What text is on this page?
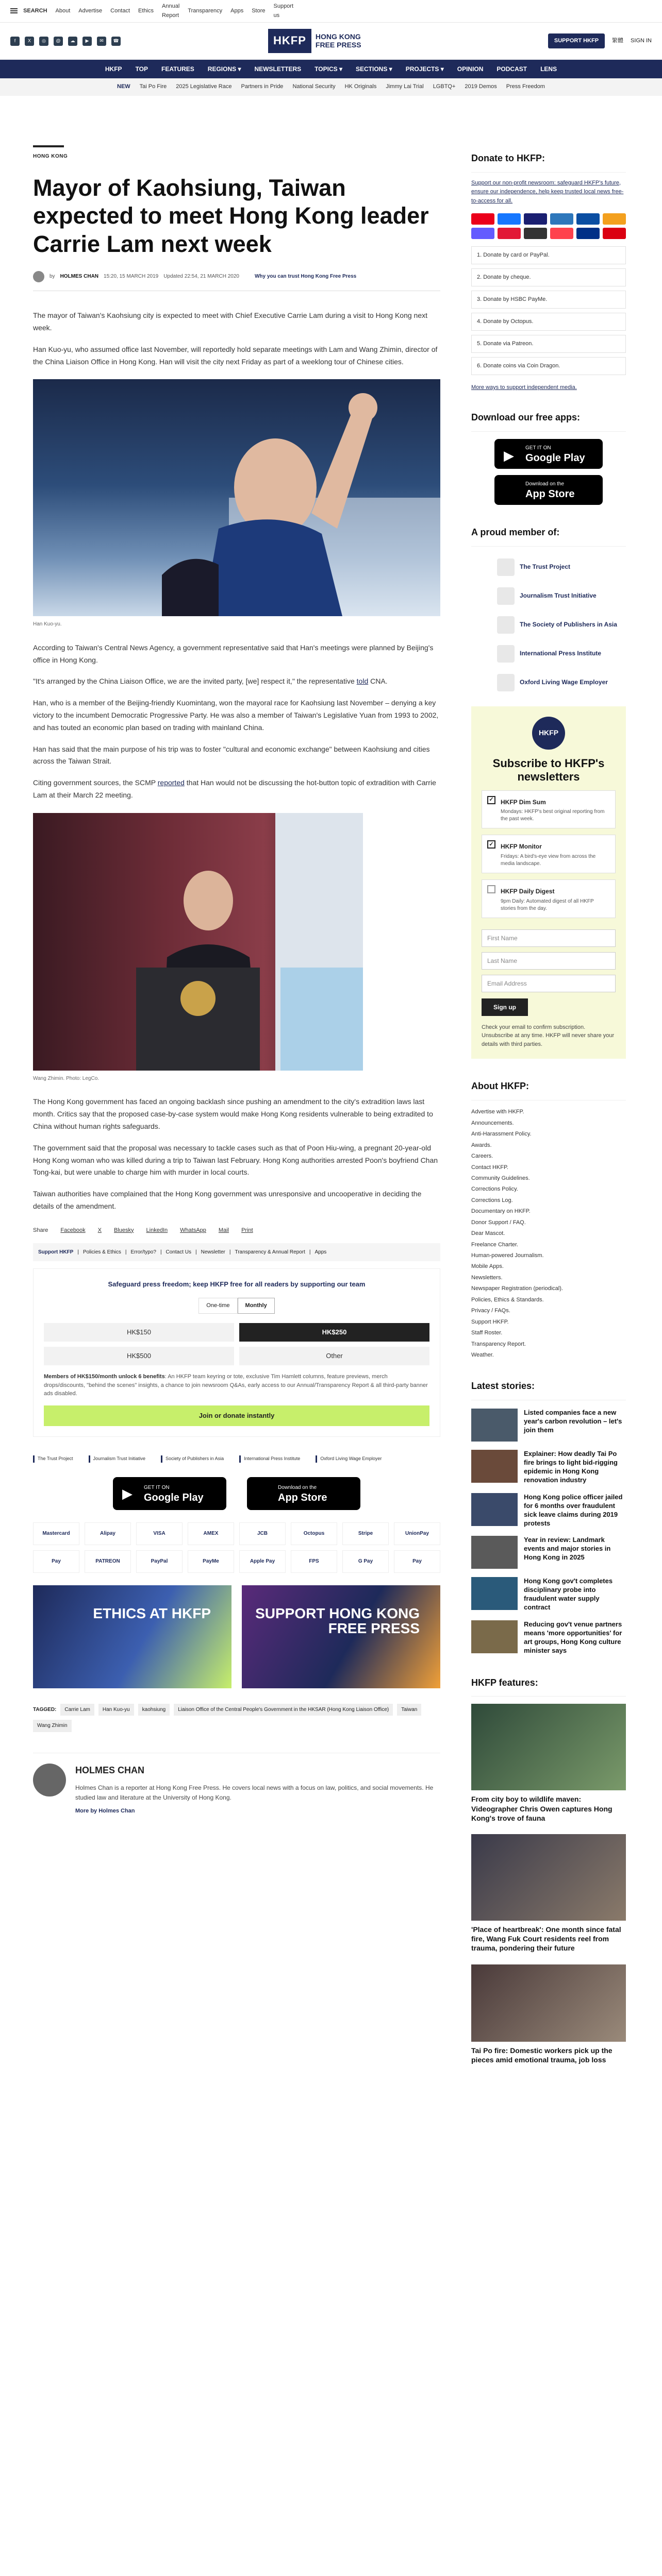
SEARCH About Advertise Contact Ethics
Annual Report
Transparency Apps Store
Support us
f	X	◎	@	☁	▶	✉	☎	HKFP	HONG KONG
FREE PRESS	SUPPORT HKFP	繁體 SIGN IN
HKFP TOP FEATURES REGIONS ▾ NEWSLETTERS TOPICS ▾ SECTIONS ▾ PROJECTS ▾ OPINION PODCAST LENS
NEW Tai Po Fire 2025 Legislative Race Partners in Pride National Security HK Originals Jimmy Lai Trial LGBTQ+ 2019 Demos Press Freedom
HONG KONG
Mayor of Kaohsiung, Taiwan expected to meet Hong Kong leader Carrie Lam next week
by HOLMES CHAN 15:20, 15 MARCH 2019 Updated 22:54, 21 MARCH 2020	Why you can trust Hong Kong Free Press

The mayor of Taiwan's Kaohsiung city is expected to meet with Chief Executive Carrie Lam during a visit to Hong Kong next week.

Han Kuo-yu, who assumed office last November, will reportedly hold separate meetings with Lam and Wang Zhimin, director of the China Liaison Office in Hong Kong. Han will visit the city next Friday as part of a weeklong tour of Chinese cities.

Han Kuo-yu.

According to Taiwan's Central News Agency, a government representative said that Han's meetings were planned by Beijing's office in Hong Kong.

"It's arranged by the China Liaison Office, we are the invited party, [we] respect it," the representative told CNA.

Han, who is a member of the Beijing-friendly Kuomintang, won the mayoral race for Kaohsiung last November – denying a key victory to the incumbent Democratic Progressive Party. He was also a member of Taiwan's Legislative Yuan from 1993 to 2002, and has touted an economic plan based on trading with mainland China.

Han has said that the main purpose of his trip was to foster "cultural and economic exchange" between Kaohsiung and cities across the Taiwan Strait.

Citing government sources, the SCMP reported that Han would not be discussing the hot-button topic of extradition with Carrie Lam at their March 22 meeting.

Wang Zhimin. Photo: LegCo.

The Hong Kong government has faced an ongoing backlash since pushing an amendment to the city's extradition laws last month. Critics say that the proposed case-by-case system would make Hong Kong residents vulnerable to being extradited to China without human rights safeguards.

The government said that the proposal was necessary to tackle cases such as that of Poon Hiu-wing, a pregnant 20-year-old Hong Kong woman who was killed during a trip to Taiwan last February. Hong Kong authorities arrested Poon's boyfriend Chan Tong-kai, but were unable to charge him with murder in local courts.

Taiwan authorities have complained that the Hong Kong government was unresponsive and uncooperative in deciding the details of the amendment.

Share Facebook X Bluesky LinkedIn WhatsApp Mail Print
Support HKFP | Policies & Ethics | Error/typo? | Contact Us | Newsletter | Transparency & Annual Report | Apps
Safeguard press freedom; keep HKFP free for all readers by supporting our team
One-time	Monthly
HK$150	HK$250
HK$500	Other
Members of HK$150/month unlock 6 benefits: An HKFP team keyring or tote, exclusive Tim Hamlett columns, feature previews, merch drops/discounts, "behind the scenes" insights, a chance to join newsroom Q&As, early access to our Annual/Transparency Report & all third-party banner ads disabled.
Join or donate instantly
The Trust Project	Journalism Trust Initiative	Society of Publishers in Asia	International Press Institute	Oxford Living Wage Employer
▶	GET IT ON
Google Play
Download on the
App Store
Mastercard	Alipay	VISA	AMEX	JCB	Octopus	Stripe	UnionPay
Pay	PATREON	PayPal	PayMe	Apple Pay	FPS	G Pay	Pay
ETHICS AT HKFP	SUPPORT HONG KONG FREE PRESS
TAGGED:	Carrie Lam	Han Kuo-yu	kaohsiung	Liaison Office of the Central People's Government in the HKSAR (Hong Kong Liaison Office)	Taiwan
Wang Zhimin
HOLMES CHAN
Holmes Chan is a reporter at Hong Kong Free Press. He covers local news with a focus on law, politics, and social movements. He studied law and literature at the University of Hong Kong.
More by Holmes Chan
Donate to HKFP:

Support our non-profit newsroom: safeguard HKFP's future, ensure our independence, help keep trusted local news free-to-access for all.

1. Donate by card or PayPal.
2. Donate by cheque.
3. Donate by HSBC PayMe.
4. Donate by Octopus.
5. Donate via Patreon.
6. Donate coins via Coin Dragon.

More ways to support independent media.

Download our free apps:
▶	GET IT ON
Google Play
Download on the
App Store
A proud member of:
The Trust Project
Journalism Trust Initiative
The Society of Publishers in Asia
International Press Institute
Oxford Living Wage Employer
HKFP
Subscribe to HKFP's newsletters
✓ HKFP Dim Sum

Mondays: HKFP's best original reporting from the past week.

✓ HKFP Monitor

Fridays: A bird's-eye view from across the media landscape.

HKFP Daily Digest

9pm Daily: Automated digest of all HKFP stories from the day.

First Name
Last Name
Email Address
Sign up

Check your email to confirm subscription. Unsubscribe at any time. HKFP will never share your details with third parties.

About HKFP:
Advertise with HKFP.
Announcements.
Anti-Harassment Policy.
Awards.
Careers.
Contact HKFP.
Community Guidelines.
Corrections Policy.
Corrections Log.
Documentary on HKFP.
Donor Support / FAQ.
Dear Mascot.
Freelance Charter.
Human-powered Journalism.
Mobile Apps.
Newsletters.
Newspaper Registration (periodical).
Policies, Ethics & Standards.
Privacy / FAQs.
Support HKFP.
Staff Roster.
Transparency Report.
Weather.
Latest stories:
Listed companies face a new year's carbon revolution – let's join them
Explainer: How deadly Tai Po fire brings to light bid-rigging epidemic in Hong Kong renovation industry
Hong Kong police officer jailed for 6 months over fraudulent sick leave claims during 2019 protests
Year in review: Landmark events and major stories in Hong Kong in 2025
Hong Kong gov't completes disciplinary probe into fraudulent water supply contract
Reducing gov't venue partners means 'more opportunities' for art groups, Hong Kong culture minister says
HKFP features:
From city boy to wildlife maven: Videographer Chris Owen captures Hong Kong's trove of fauna
'Place of heartbreak': One month since fatal fire, Wang Fuk Court residents reel from trauma, pondering their future
Tai Po fire: Domestic workers pick up the pieces amid emotional trauma, job loss
